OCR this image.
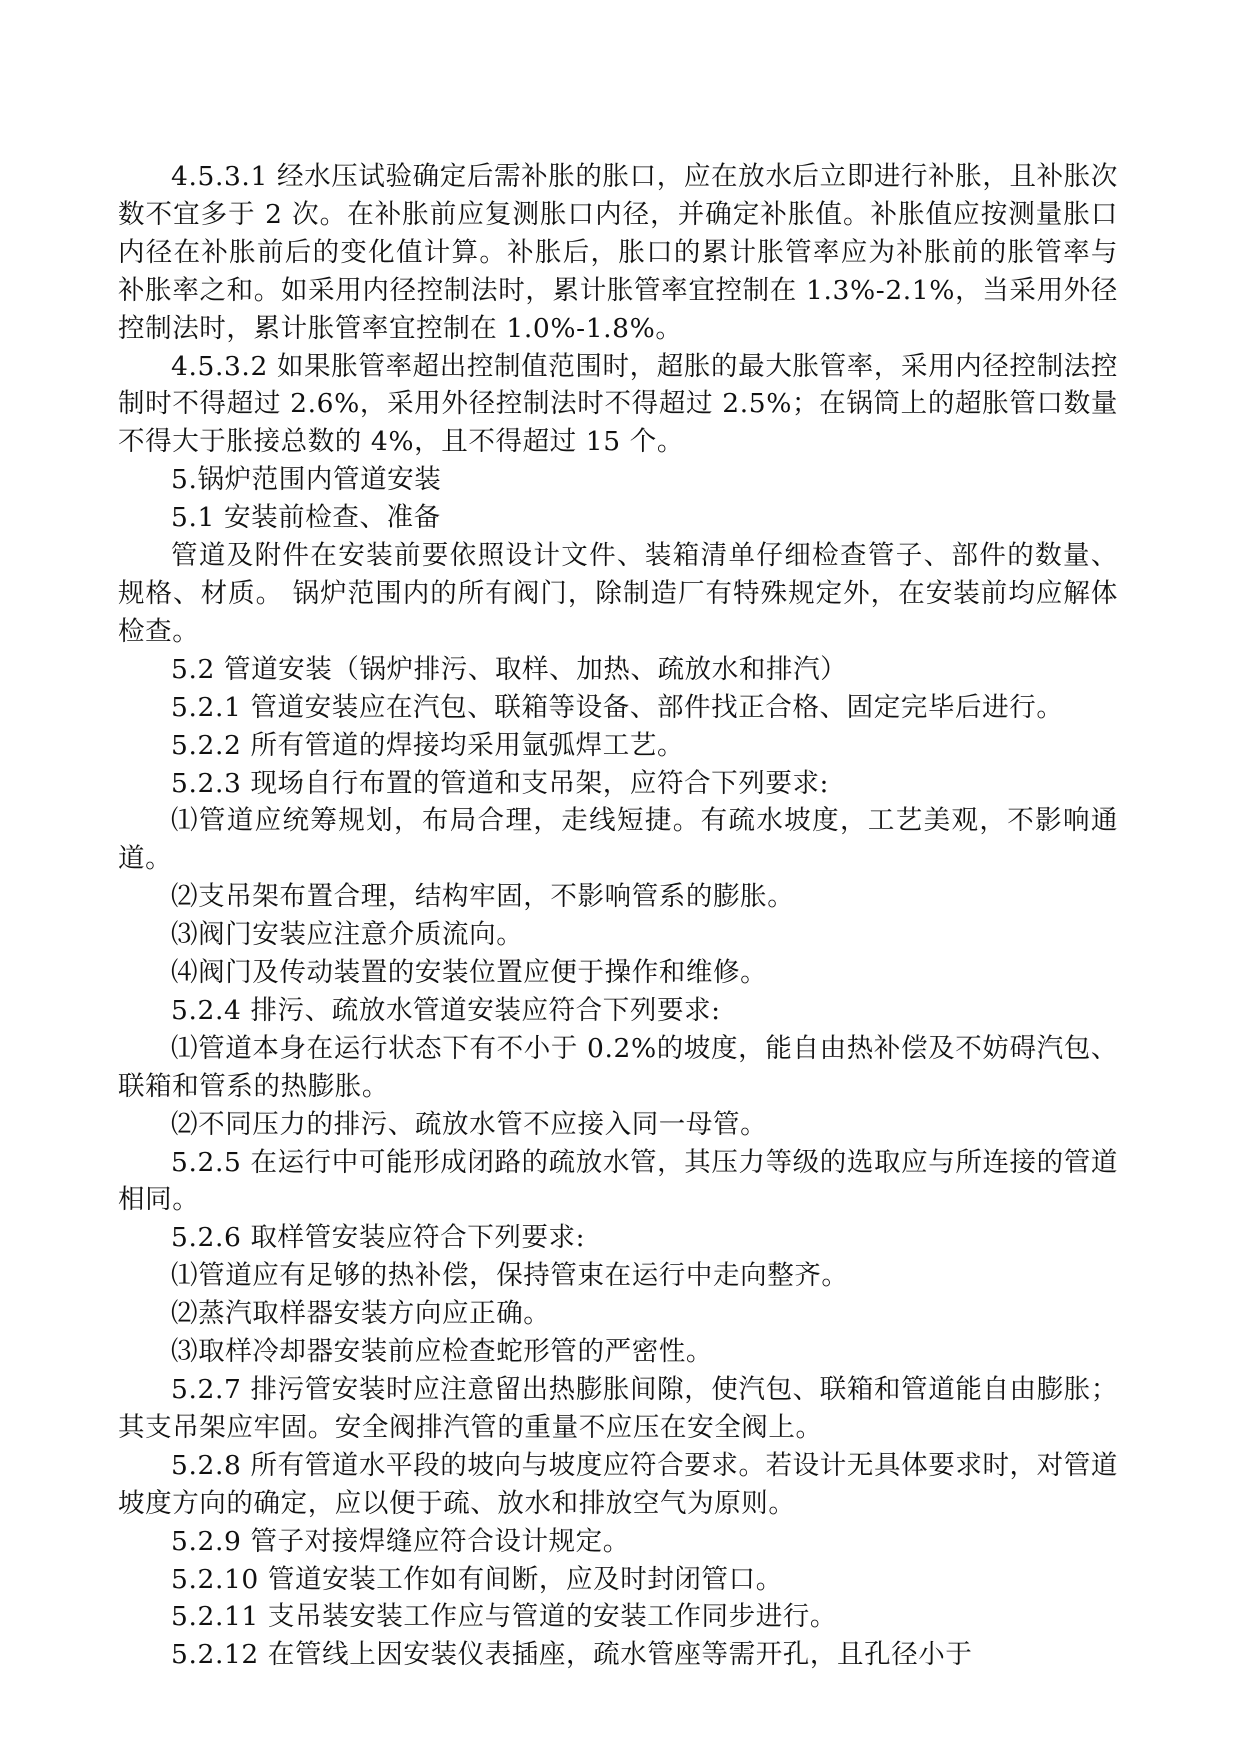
4.5.3.1 经水压试验确定后需补胀的胀口，应在放水后立即进行补胀，且补胀次数不宜多于 2 次。在补胀前应复测胀口内径，并确定补胀值。补胀值应按测量胀口内径在补胀前后的变化值计算。补胀后，胀口的累计胀管率应为补胀前的胀管率与补胀率之和。如采用内径控制法时，累计胀管率宜控制在 1.3%-2.1%，当采用外径控制法时，累计胀管率宜控制在 1.0%-1.8%。

4.5.3.2 如果胀管率超出控制值范围时，超胀的最大胀管率，采用内径控制法控制时不得超过 2.6%，采用外径控制法时不得超过 2.5%；在锅筒上的超胀管口数量不得大于胀接总数的 4%，且不得超过 15 个。

5.锅炉范围内管道安装

5.1 安装前检查、准备

管道及附件在安装前要依照设计文件、装箱清单仔细检查管子、部件的数量、规格、材质。 锅炉范围内的所有阀门，除制造厂有特殊规定外，在安装前均应解体检查。

5.2 管道安装（锅炉排污、取样、加热、疏放水和排汽）

5.2.1 管道安装应在汽包、联箱等设备、部件找正合格、固定完毕后进行。

5.2.2 所有管道的焊接均采用氩弧焊工艺。

5.2.3 现场自行布置的管道和支吊架，应符合下列要求:

⑴管道应统筹规划，布局合理，走线短捷。有疏水坡度，工艺美观，不影响通道。

⑵支吊架布置合理，结构牢固，不影响管系的膨胀。

⑶阀门安装应注意介质流向。

⑷阀门及传动装置的安装位置应便于操作和维修。

5.2.4 排污、疏放水管道安装应符合下列要求:

⑴管道本身在运行状态下有不小于 0.2%的坡度，能自由热补偿及不妨碍汽包、联箱和管系的热膨胀。

⑵不同压力的排污、疏放水管不应接入同一母管。

5.2.5 在运行中可能形成闭路的疏放水管，其压力等级的选取应与所连接的管道相同。

5.2.6 取样管安装应符合下列要求:

⑴管道应有足够的热补偿，保持管束在运行中走向整齐。

⑵蒸汽取样器安装方向应正确。

⑶取样冷却器安装前应检查蛇形管的严密性。

5.2.7 排污管安装时应注意留出热膨胀间隙，使汽包、联箱和管道能自由膨胀；其支吊架应牢固。安全阀排汽管的重量不应压在安全阀上。

5.2.8 所有管道水平段的坡向与坡度应符合要求。若设计无具体要求时，对管道坡度方向的确定，应以便于疏、放水和排放空气为原则。

5.2.9 管子对接焊缝应符合设计规定。

5.2.10 管道安装工作如有间断，应及时封闭管口。

5.2.11 支吊装安装工作应与管道的安装工作同步进行。

5.2.12 在管线上因安装仪表插座，疏水管座等需开孔，且孔径小于
